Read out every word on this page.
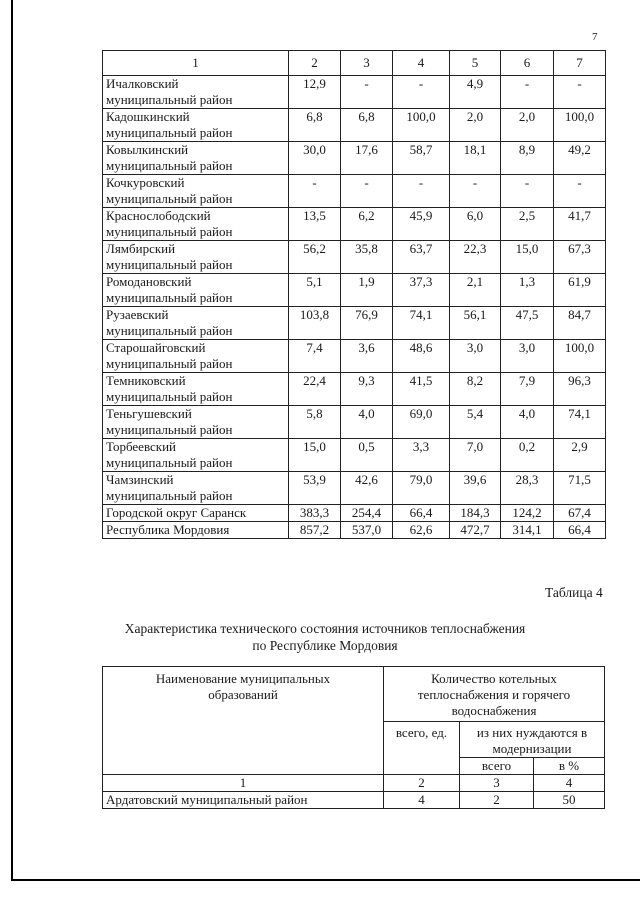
7
1	2	3	4	5	6	7

Ичалковский
муниципальный район	12,9	-	-	4,9	-	-

Кадошкинский
муниципальный район	6,8	6,8	100,0	2,0	2,0	100,0

Ковылкинский
муниципальный район	30,0	17,6	58,7	18,1	8,9	49,2

Кочкуровский
муниципальный район	-	-	-	-	-	-

Краснослободский
муниципальный район	13,5	6,2	45,9	6,0	2,5	41,7

Лямбирский
муниципальный район	56,2	35,8	63,7	22,3	15,0	67,3

Ромодановский
муниципальный район	5,1	1,9	37,3	2,1	1,3	61,9

Рузаевский
муниципальный район	103,8	76,9	74,1	56,1	47,5	84,7

Старошайговский
муниципальный район	7,4	3,6	48,6	3,0	3,0	100,0

Темниковский
муниципальный район	22,4	9,3	41,5	8,2	7,9	96,3

Теньгушевский
муниципальный район	5,8	4,0	69,0	5,4	4,0	74,1

Торбеевский
муниципальный район	15,0	0,5	3,3	7,0	0,2	2,9

Чамзинский
муниципальный район	53,9	42,6	79,0	39,6	28,3	71,5

Городской округ Саранск	383,3	254,4	66,4	184,3	124,2	67,4

Республика Мордовия	857,2	537,0	62,6	472,7	314,1	66,4
Таблица 4
Характеристика технического состояния источников теплоснабжения
по Республике Мордовия
Наименование муниципальных образований	Количество котельных теплоснабжения и горячего водоснабжения		
	всего, ед.	из них нуждаются в модернизации	
		всего	в %
1	2	3	4
Ардатовский муниципальный район	4	2	50
